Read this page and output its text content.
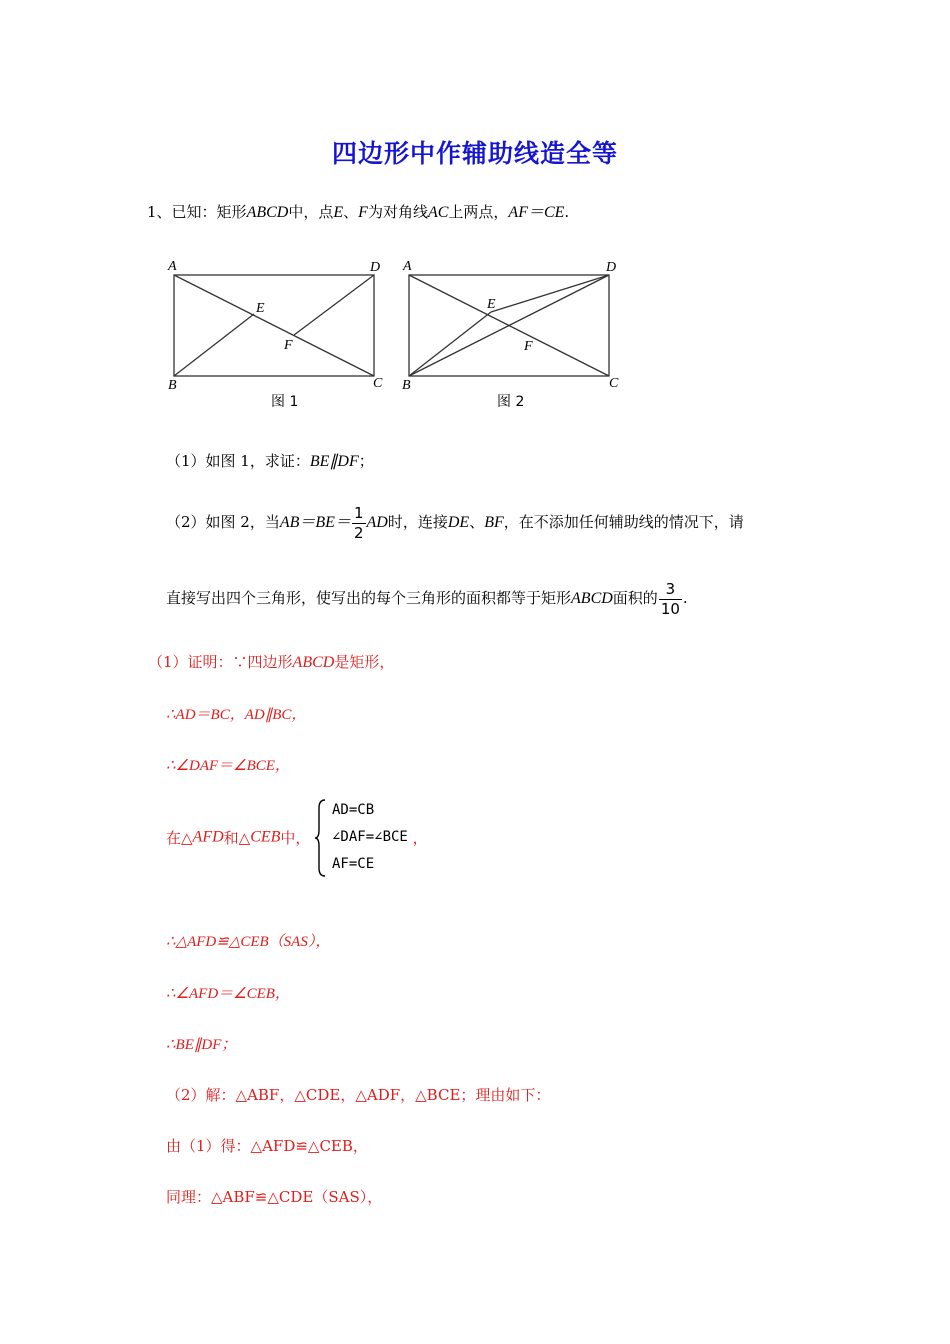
四边形中作辅助线造全等
1、已知：矩形ABCD中，点E、F为对角线AC上两点，AF＝CE.
A	D
B	C
E
F
图 1
A	D
B	C
E
F
图 2
（1）如图 1，求证：BE∥DF；
（2）如图 2，当$AB=BE= \frac{1}{2}$ AD时，连接DE、BF，在不添加任何辅助线的情况下，请
直接写出四个三角形，使写出的每个三角形的面积都等于矩形ABCD面积的 $\frac{3}{10}$ .
（1）证明：∵四边形ABCD是矩形，
∴AD＝BC，AD∥BC，
∴∠DAF＝∠BCE，
在△AFD和△CEB中，
AD=CB
∠DAF=∠BCE
AF=CE
，
∴△AFD≌△CEB（SAS），
∴∠AFD＝∠CEB，
∴BE∥DF；
（2）解：△ABF，△CDE，△ADF，△BCE；理由如下：
由（1）得：△AFD≌△CEB，
同理：△ABF≌△CDE（SAS），
